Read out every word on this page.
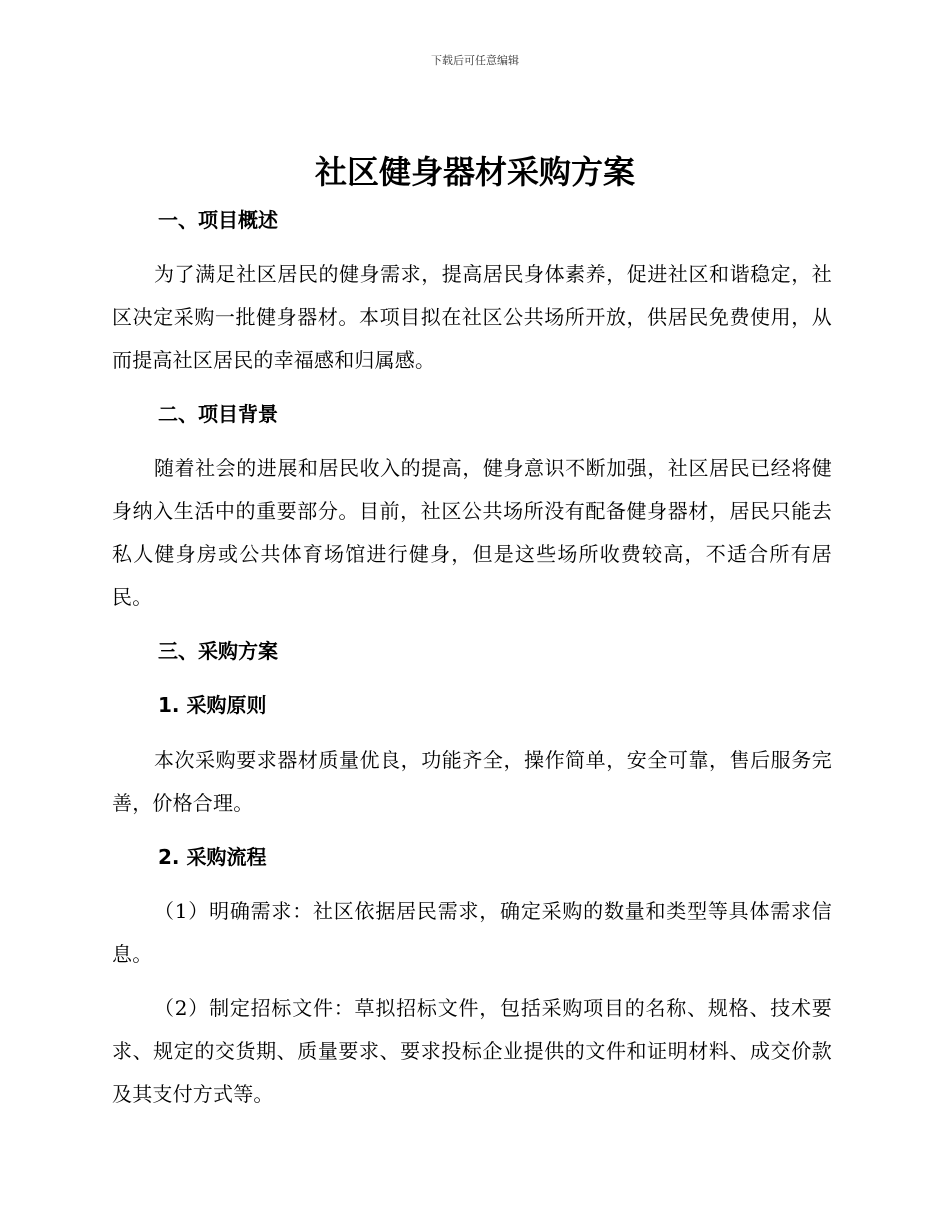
下载后可任意编辑
社区健身器材采购方案
一、项目概述
为了满足社区居民的健身需求，提高居民身体素养，促进社区和谐稳定，社区决定采购一批健身器材。本项目拟在社区公共场所开放，供居民免费使用，从而提高社区居民的幸福感和归属感。
二、项目背景
随着社会的进展和居民收入的提高，健身意识不断加强，社区居民已经将健身纳入生活中的重要部分。目前，社区公共场所没有配备健身器材，居民只能去私人健身房或公共体育场馆进行健身，但是这些场所收费较高，不适合所有居民。
三、采购方案
1. 采购原则
本次采购要求器材质量优良，功能齐全，操作简单，安全可靠，售后服务完善，价格合理。
2. 采购流程
（1）明确需求：社区依据居民需求，确定采购的数量和类型等具体需求信息。
（2）制定招标文件：草拟招标文件，包括采购项目的名称、规格、技术要求、规定的交货期、质量要求、要求投标企业提供的文件和证明材料、成交价款及其支付方式等。
